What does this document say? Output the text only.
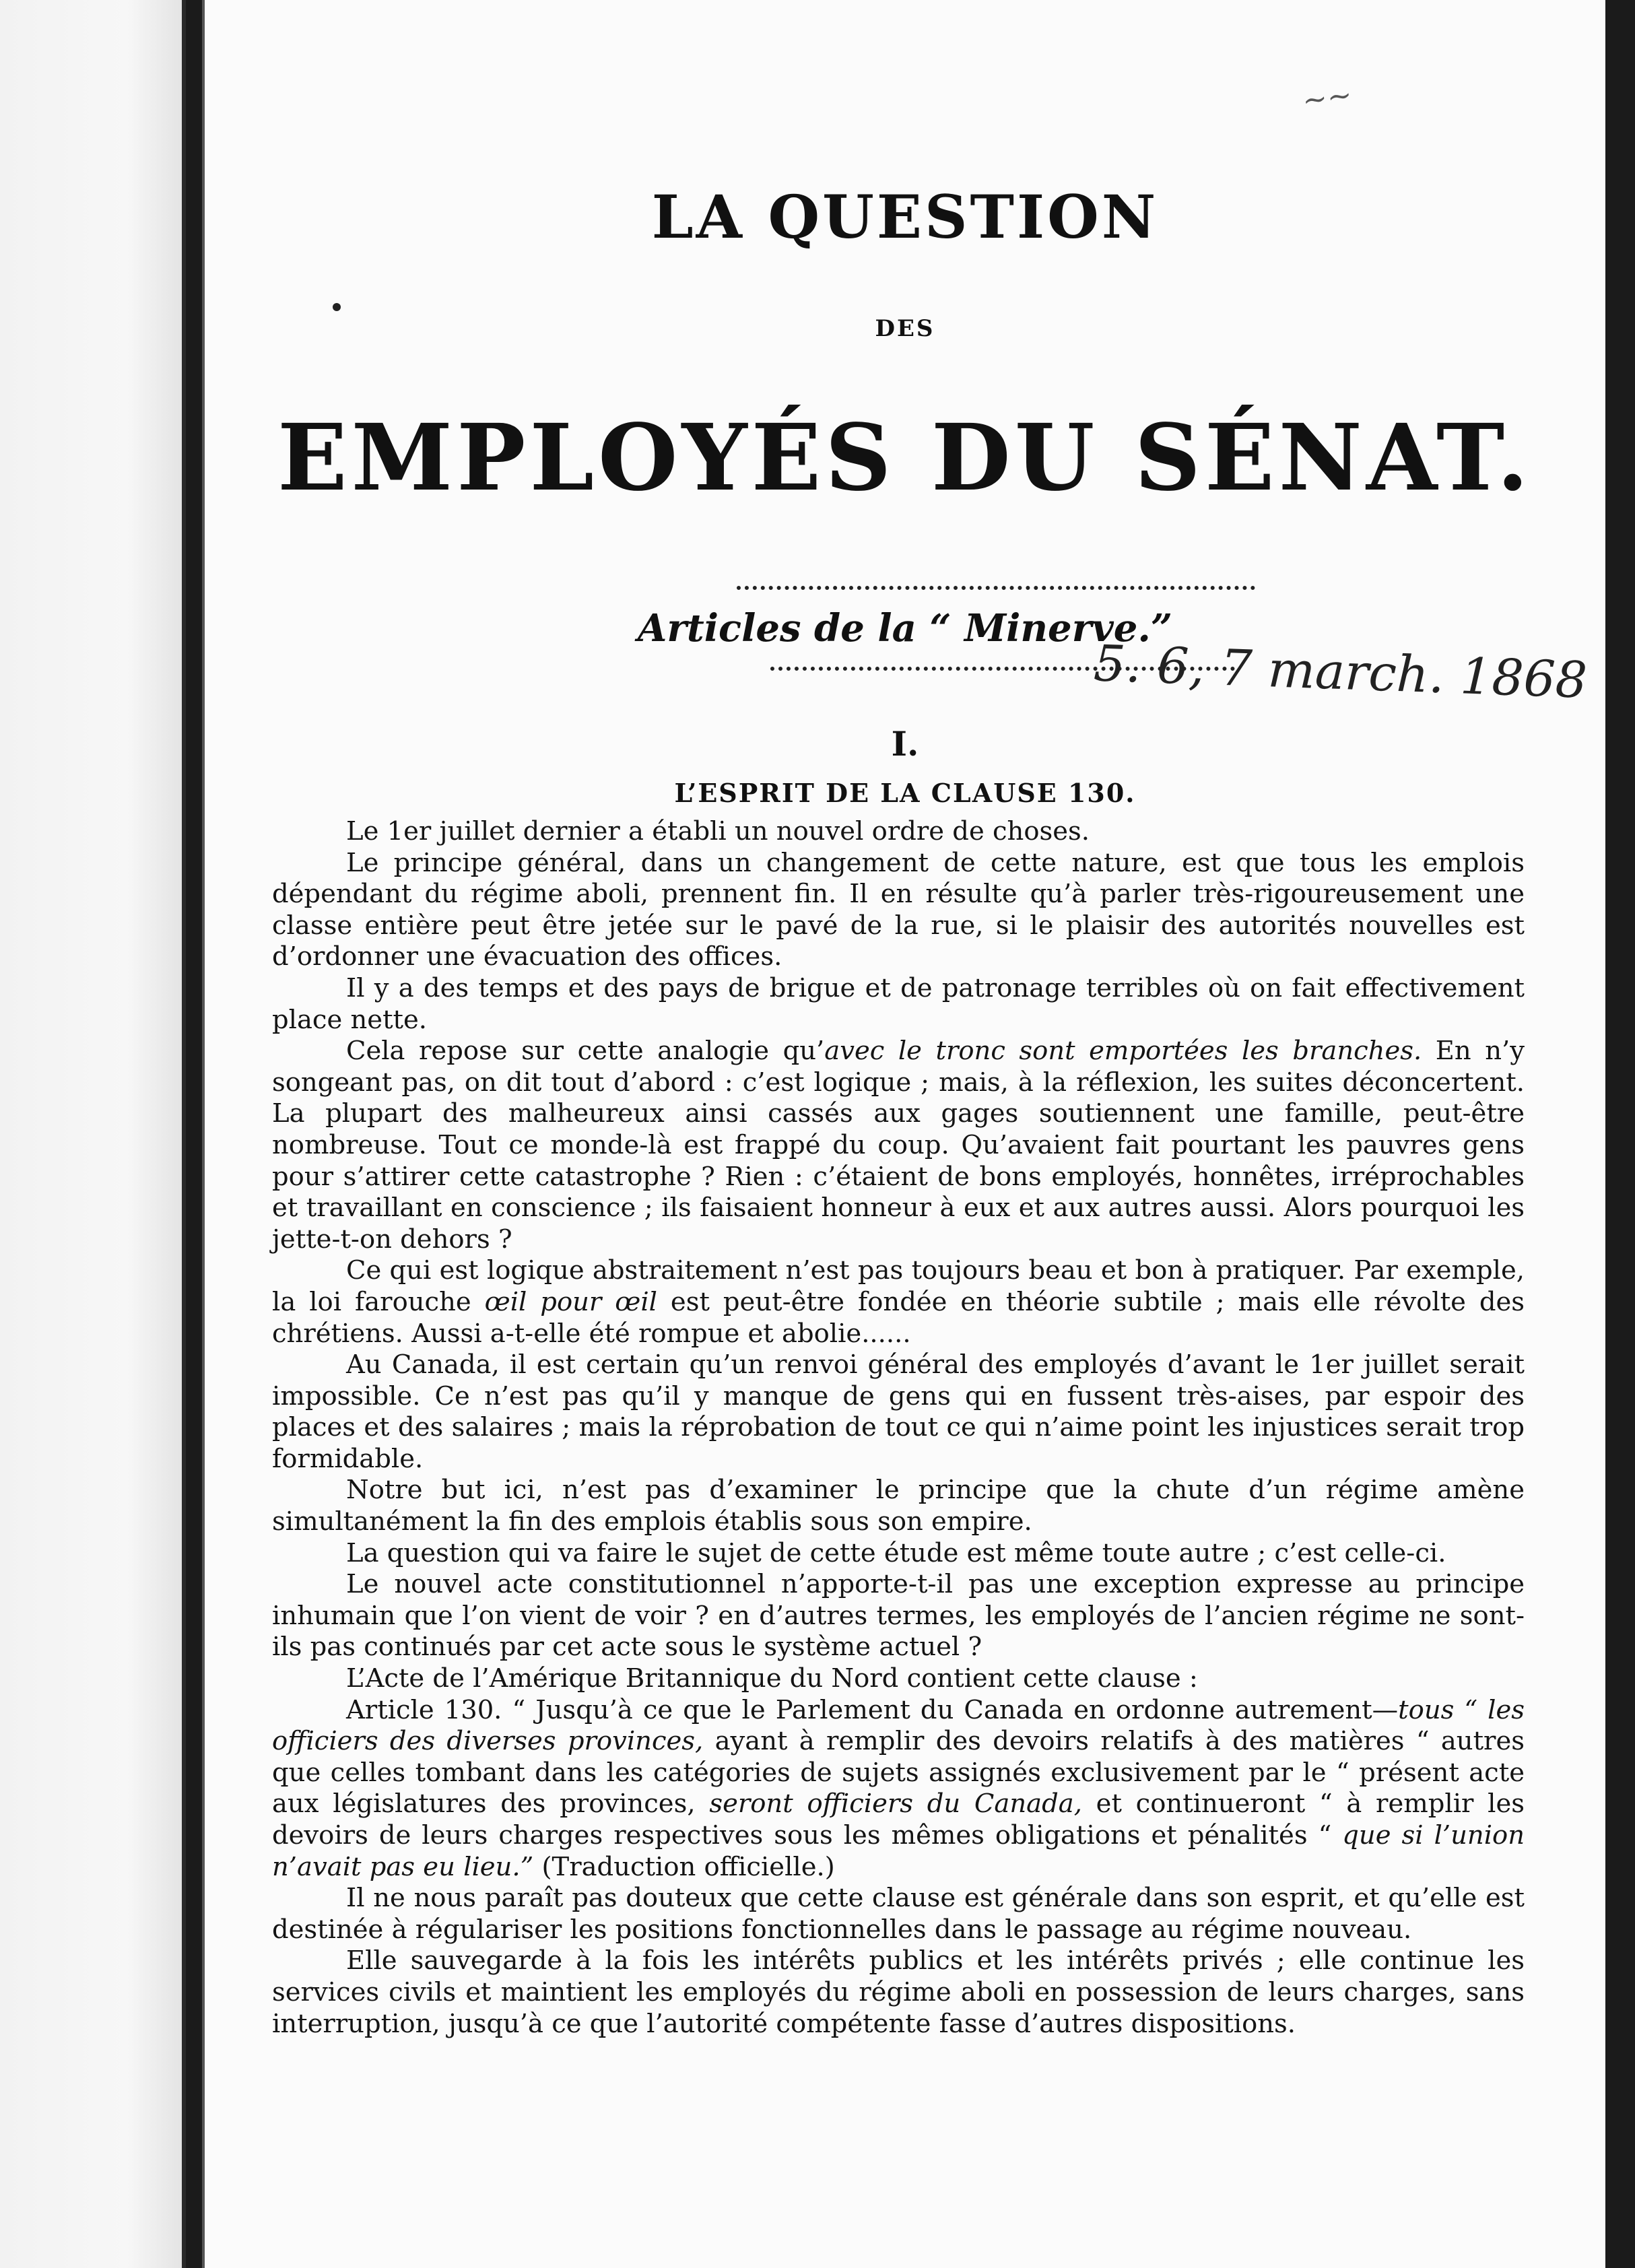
~~
LA QUESTION
DES
EMPLOYÉS DU SÉNAT.
Articles de la “ Minerve.”
5. 6, 7 march. 1868
I.
L’ESPRIT DE LA CLAUSE 130.

Le 1er juillet dernier a établi un nouvel ordre de choses.

Le principe général, dans un changement de cette nature, est que tous les emplois dépendant du régime aboli, prennent fin. Il en résulte qu’à parler très-rigoureusement une classe entière peut être jetée sur le pavé de la rue, si le plaisir des autorités nouvelles est d’ordonner une évacuation des offices.

Il y a des temps et des pays de brigue et de patronage terribles où on fait effectivement place nette.

Cela repose sur cette analogie qu’avec le tronc sont emportées les branches. En n’y songeant pas, on dit tout d’abord : c’est logique ; mais, à la réflexion, les suites déconcertent. La plupart des malheureux ainsi cassés aux gages soutiennent une famille, peut-être nombreuse. Tout ce monde-là est frappé du coup. Qu’avaient fait pourtant les pauvres gens pour s’attirer cette catastrophe ? Rien : c’étaient de bons employés, honnêtes, irréprochables et travaillant en conscience ; ils faisaient honneur à eux et aux autres aussi. Alors pourquoi les jette-t-on dehors ?

Ce qui est logique abstraitement n’est pas toujours beau et bon à pratiquer. Par exemple, la loi farouche œil pour œil est peut-être fondée en théorie subtile ; mais elle révolte des chrétiens. Aussi a-t-elle été rompue et abolie......

Au Canada, il est certain qu’un renvoi général des employés d’avant le 1er juillet serait impossible. Ce n’est pas qu’il y manque de gens qui en fussent très-aises, par espoir des places et des salaires ; mais la réprobation de tout ce qui n’aime point les injustices serait trop formidable.

Notre but ici, n’est pas d’examiner le principe que la chute d’un régime amène simultanément la fin des emplois établis sous son empire.

La question qui va faire le sujet de cette étude est même toute autre ; c’est celle-ci.

Le nouvel acte constitutionnel n’apporte-t-il pas une exception expresse au principe inhumain que l’on vient de voir ? en d’autres termes, les employés de l’ancien régime ne sont-ils pas continués par cet acte sous le système actuel ?

L’Acte de l’Amérique Britannique du Nord contient cette clause :

Article 130. “ Jusqu’à ce que le Parlement du Canada en ordonne autrement—tous “ les officiers des diverses provinces, ayant à remplir des devoirs relatifs à des matières “ autres que celles tombant dans les catégories de sujets assignés exclusivement par le “ présent acte aux législatures des provinces, seront officiers du Canada, et continueront “ à remplir les devoirs de leurs charges respectives sous les mêmes obligations et pénalités “ que si l’union n’avait pas eu lieu.” (Traduction officielle.)

Il ne nous paraît pas douteux que cette clause est générale dans son esprit, et qu’elle est destinée à régulariser les positions fonctionnelles dans le passage au régime nouveau.

Elle sauvegarde à la fois les intérêts publics et les intérêts privés ; elle continue les services civils et maintient les employés du régime aboli en possession de leurs charges, sans interruption, jusqu’à ce que l’autorité compétente fasse d’autres dispositions.
